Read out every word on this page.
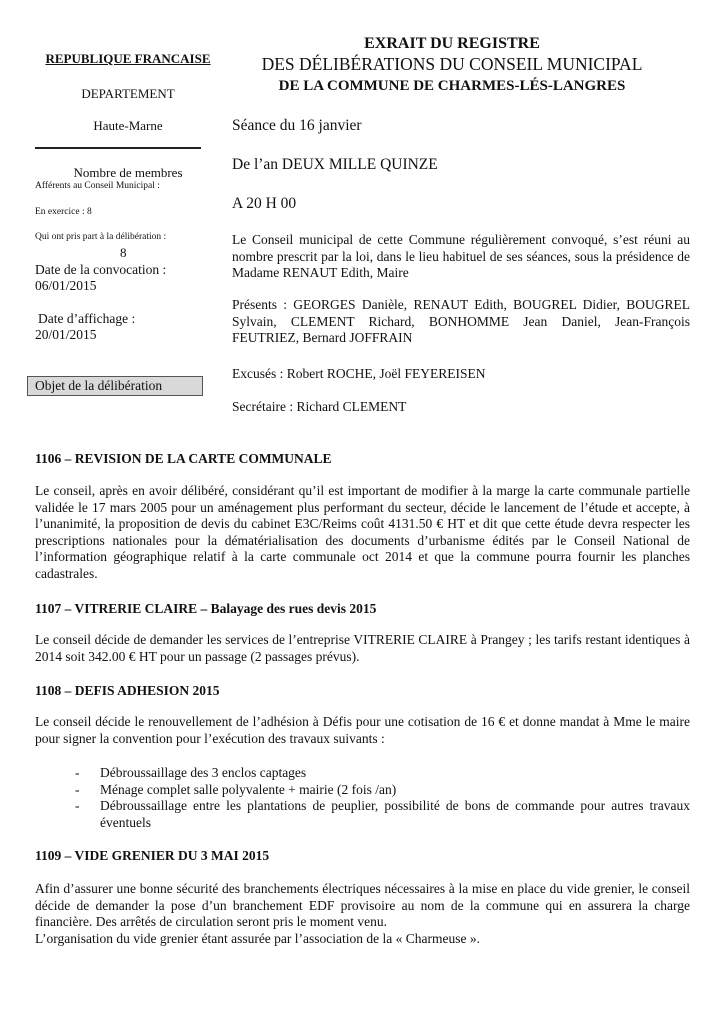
REPUBLIQUE FRANCAISE
DEPARTEMENT
Haute-Marne
Nombre de membres
Afférents au Conseil Municipal :
En exercice : 8
Qui ont pris part à la délibération :
8
Date de la convocation :
06/01/2015
Date d’affichage :
20/01/2015
Objet de la délibération
EXRAIT DU REGISTRE
DES DÉLIBÉRATIONS DU CONSEIL MUNICIPAL
DE LA COMMUNE DE CHARMES-LÉS-LANGRES
Séance du 16 janvier
De l’an DEUX MILLE QUINZE
A 20 H 00

Le Conseil municipal de cette Commune régulièrement convoqué, s’est réuni au nombre prescrit par la loi, dans le lieu habituel de ses séances, sous la présidence de Madame RENAUT Edith, Maire

Présents : GEORGES Danièle, RENAUT Edith, BOUGREL Didier, BOUGREL Sylvain, CLEMENT Richard, BONHOMME Jean Daniel, Jean-François FEUTRIEZ, Bernard JOFFRAIN

Excusés : Robert ROCHE, Joël FEYEREISEN

Secrétaire : Richard CLEMENT

1106 – REVISION DE LA CARTE COMMUNALE

Le conseil, après en avoir délibéré, considérant qu’il est important de modifier à la marge la carte communale partielle validée le 17 mars 2005 pour un aménagement plus performant du secteur, décide le lancement de l’étude et accepte, à l’unanimité, la proposition de devis du cabinet E3C/Reims coût 4131.50 € HT et dit que cette étude devra respecter les prescriptions nationales pour la dématérialisation des documents d’urbanisme édités par le Conseil National de l’information géographique relatif à la carte communale oct 2014 et que la commune pourra fournir les planches cadastrales.

1107 – VITRERIE CLAIRE – Balayage des rues devis 2015

Le conseil décide de demander les services de l’entreprise VITRERIE CLAIRE à Prangey ; les tarifs restant identiques à 2014 soit 342.00 € HT pour un passage (2 passages prévus).

1108 – DEFIS ADHESION 2015

Le conseil décide le renouvellement de l’adhésion à Défis pour une cotisation de 16 € et donne mandat à Mme le maire pour signer la convention pour l’exécution des travaux suivants :

- Débroussaillage des 3 enclos captages
- Ménage complet salle polyvalente + mairie (2 fois /an)
- Débroussaillage entre les plantations de peuplier, possibilité de bons de commande pour autres travaux éventuels
1109 – VIDE GRENIER DU 3 MAI 2015
Afin d’assurer une bonne sécurité des branchements électriques nécessaires à la mise en place du vide grenier, le conseil décide de demander la pose d’un branchement EDF provisoire au nom de la commune qui en assurera la charge financière. Des arrêtés de circulation seront pris le moment venu.
L’organisation du vide grenier étant assurée par l’association de la « Charmeuse ».
